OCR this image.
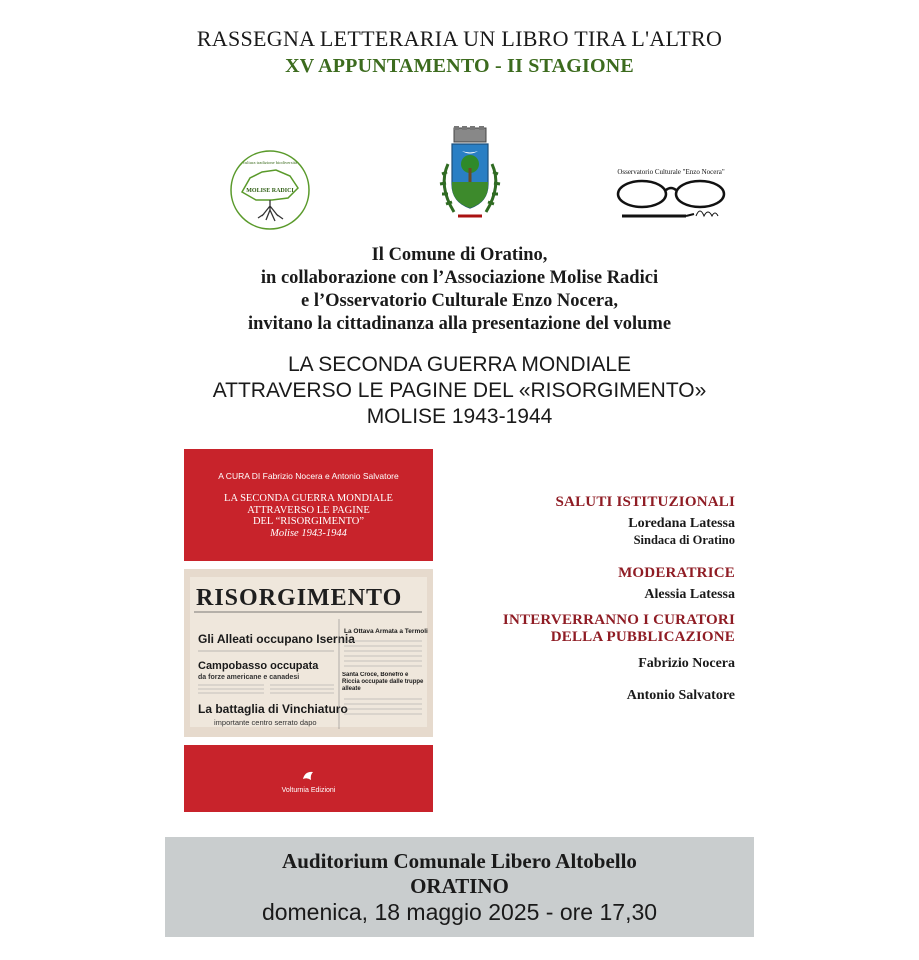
RASSEGNA LETTERARIA UN LIBRO TIRA L'ALTRO
XV APPUNTAMENTO - II STAGIONE
MOLISE RADICI
cultura tradizione biodiversità
Osservatorio Culturale "Enzo Nocera"
Il Comune di Oratino,
in collaborazione con l’Associazione Molise Radici
e l’Osservatorio Culturale Enzo Nocera,
invitano la cittadinanza alla presentazione del volume
LA SECONDA GUERRA MONDIALE
ATTRAVERSO LE PAGINE DEL «RISORGIMENTO»
MOLISE 1943-1944
A CURA DI Fabrizio Nocera e Antonio Salvatore
LA SECONDA GUERRA MONDIALE
ATTRAVERSO LE PAGINE
DEL “RISORGIMENTO”
Molise 1943-1944
RISORGIMENTO
Gli Alleati occupano Isernia
Campobasso occupata
da forze americane e canadesi
La battaglia di Vinchiaturo
importante centro serrato dapo
La Ottava Armata a Termoli
Santa Croce, Bonefro e Riccia occupate dalle truppe alleate
Volturnia Edizioni
SALUTI ISTITUZIONALI
Loredana Latessa
Sindaca di Oratino
MODERATRICE
Alessia Latessa
INTERVERRANNO I CURATORI
DELLA PUBBLICAZIONE
Fabrizio Nocera
Antonio Salvatore
Auditorium Comunale Libero Altobello
ORATINO
domenica, 18 maggio 2025 - ore 17,30
